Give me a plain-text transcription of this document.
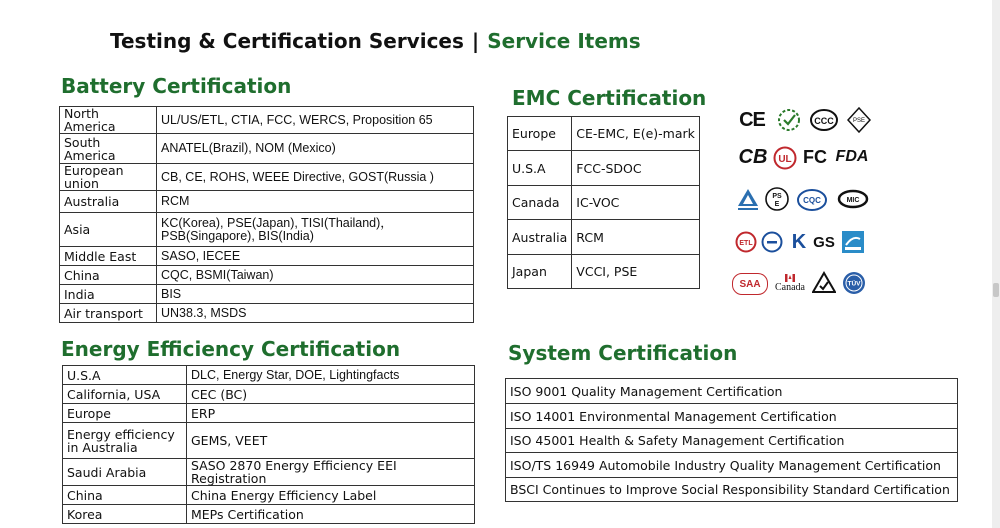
Testing & Certification Services | Service Items
Battery Certification
North America	UL/US/ETL, CTIA, FCC, WERCS, Proposition 65
South America	ANATEL(Brazil), NOM (Mexico)
European union	CB, CE, ROHS, WEEE Directive, GOST(Russia )
Australia	RCM
Asia	KC(Korea), PSE(Japan), TISI(Thailand)， PSB(Singapore), BIS(India)
Middle East	SASO, IECEE
China	CQC, BSMI(Taiwan)
India	BIS
Air transport	UN38.3, MSDS
EMC Certification
Europe	CE-EMC, E(e)-mark
U.S.A	FCC-SDOC
Canada	IC-VOC
Australia	RCM
Japan	VCCI, PSE
CE	CCC	PSE
CB UL FC FDA
PS
E	CQC	MIC
ETL K GS
SAA Canada	TÜV
Energy Efficiency Certification
U.S.A	DLC, Energy Star, DOE, Lightingfacts
California, USA	CEC (BC)
Europe	ERP
Energy efficiency in Australia	GEMS, VEET
Saudi Arabia	SASO 2870 Energy Efficiency EEI Registration
China	China Energy Efficiency Label
Korea	MEPs Certification
System Certification
ISO 9001 Quality Management Certification
ISO 14001 Environmental Management Certification
ISO 45001 Health & Safety Management Certification
ISO/TS 16949 Automobile Industry Quality Management Certification
BSCI Continues to Improve Social Responsibility Standard Certification
